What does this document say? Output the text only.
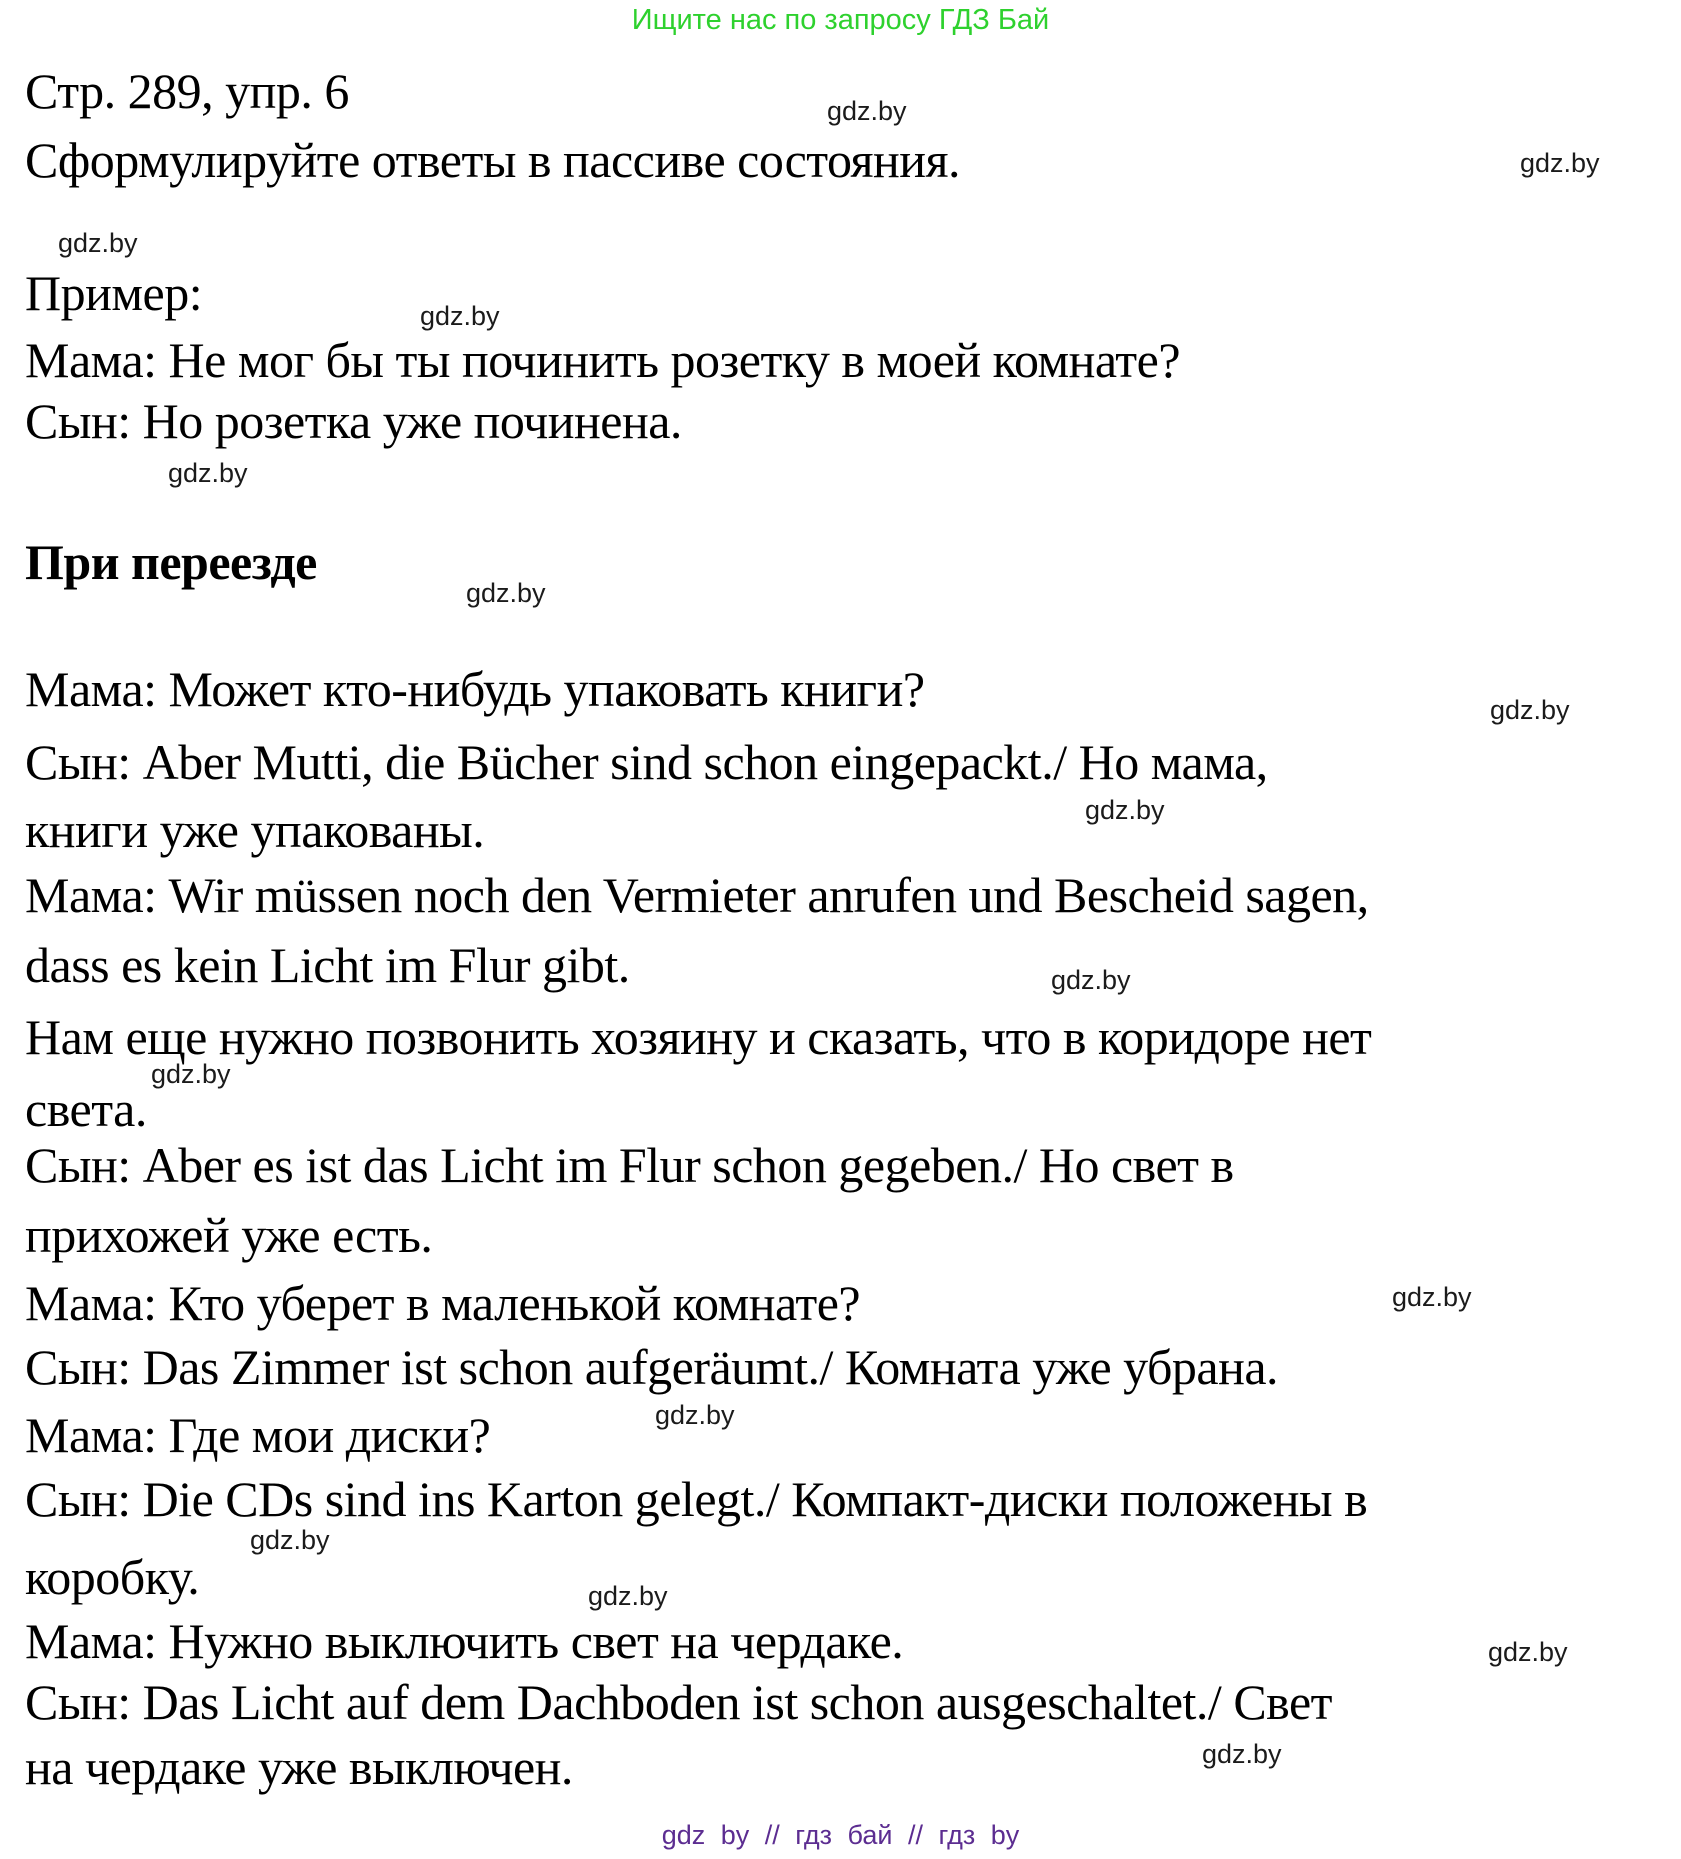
Ищите нас по запросу ГДЗ Бай
Стр. 289, упр. 6
Сформулируйте ответы в пассиве состояния.
Пример:
Мама: Не мог бы ты починить розетку в моей комнате?
Сын: Но розетка уже починена.
При переезде
Мама: Может кто-нибудь упаковать книги?
Сын: Aber Mutti, die Bücher sind schon eingepackt./ Но мама,
книги уже упакованы.
Мама: Wir müssen noch den Vermieter anrufen und Bescheid sagen,
dass es kein Licht im Flur gibt.
Нам еще нужно позвонить хозяину и сказать, что в коридоре нет
света.
Сын: Aber es ist das Licht im Flur schon gegeben./ Но свет в
прихожей уже есть.
Мама: Кто уберет в маленькой комнате?
Сын: Das Zimmer ist schon aufgeräumt./ Комната уже убрана.
Мама: Где мои диски?
Сын: Die CDs sind ins Karton gelegt./ Компакт-диски положены в
коробку.
Мама: Нужно выключить свет на чердаке.
Сын: Das Licht auf dem Dachboden ist schon ausgeschaltet./ Свет
на чердаке уже выключен.
gdz.by
gdz.by
gdz.by
gdz.by
gdz.by
gdz.by
gdz.by
gdz.by
gdz.by
gdz.by
gdz.by
gdz.by
gdz.by
gdz.by
gdz.by
gdz.by
gdz by // гдз бай // гдз by
